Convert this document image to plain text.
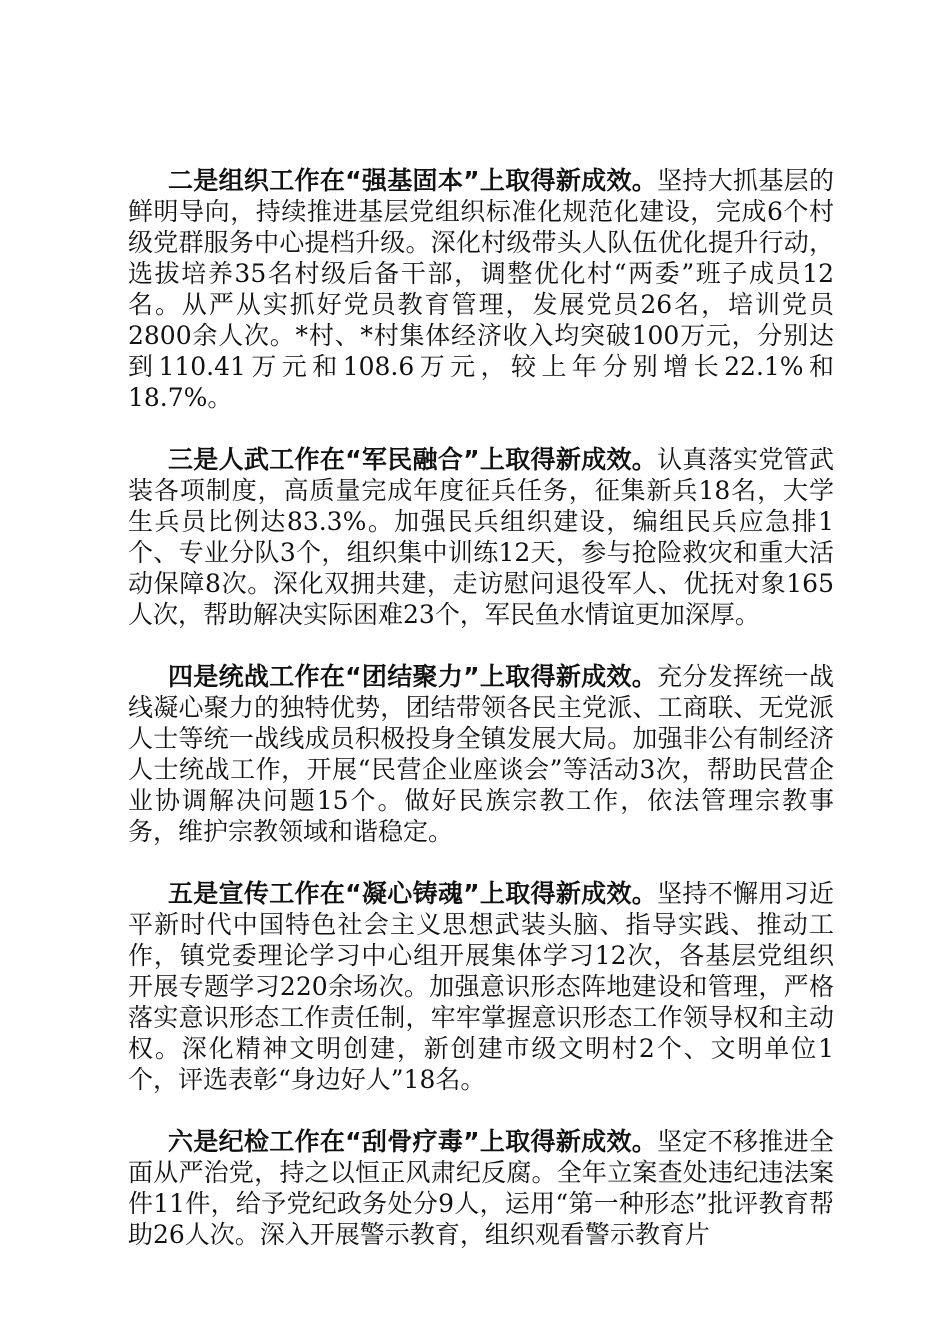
二是组织工作在“强基固本”上取得新成效。坚持大抓基层的鲜明导向，持续推进基层党组织标准化规范化建设，完成6个村级党群服务中心提档升级。深化村级带头人队伍优化提升行动，选拔培养35名村级后备干部，调整优化村“两委”班子成员12名。从严从实抓好党员教育管理，发展党员26名，培训党员2800余人次。*村、*村集体经济收入均突破100万元，分别达到110.41万元和108.6万元，较上年分别增长22.1%和18.7%。

三是人武工作在“军民融合”上取得新成效。认真落实党管武装各项制度，高质量完成年度征兵任务，征集新兵18名，大学生兵员比例达83.3%。加强民兵组织建设，编组民兵应急排1个、专业分队3个，组织集中训练12天，参与抢险救灾和重大活动保障8次。深化双拥共建，走访慰问退役军人、优抚对象165人次，帮助解决实际困难23个，军民鱼水情谊更加深厚。

四是统战工作在“团结聚力”上取得新成效。充分发挥统一战线凝心聚力的独特优势，团结带领各民主党派、工商联、无党派人士等统一战线成员积极投身全镇发展大局。加强非公有制经济人士统战工作，开展“民营企业座谈会”等活动3次，帮助民营企业协调解决问题15个。做好民族宗教工作，依法管理宗教事务，维护宗教领域和谐稳定。

五是宣传工作在“凝心铸魂”上取得新成效。坚持不懈用习近平新时代中国特色社会主义思想武装头脑、指导实践、推动工作，镇党委理论学习中心组开展集体学习12次，各基层党组织开展专题学习220余场次。加强意识形态阵地建设和管理，严格落实意识形态工作责任制，牢牢掌握意识形态工作领导权和主动权。深化精神文明创建，新创建市级文明村2个、文明单位1个，评选表彰“身边好人”18名。

六是纪检工作在“刮骨疗毒”上取得新成效。坚定不移推进全面从严治党，持之以恒正风肃纪反腐。全年立案查处违纪违法案件11件，给予党纪政务处分9人，运用“第一种形态”批评教育帮助26人次。深入开展警示教育，组织观看警示教育片
